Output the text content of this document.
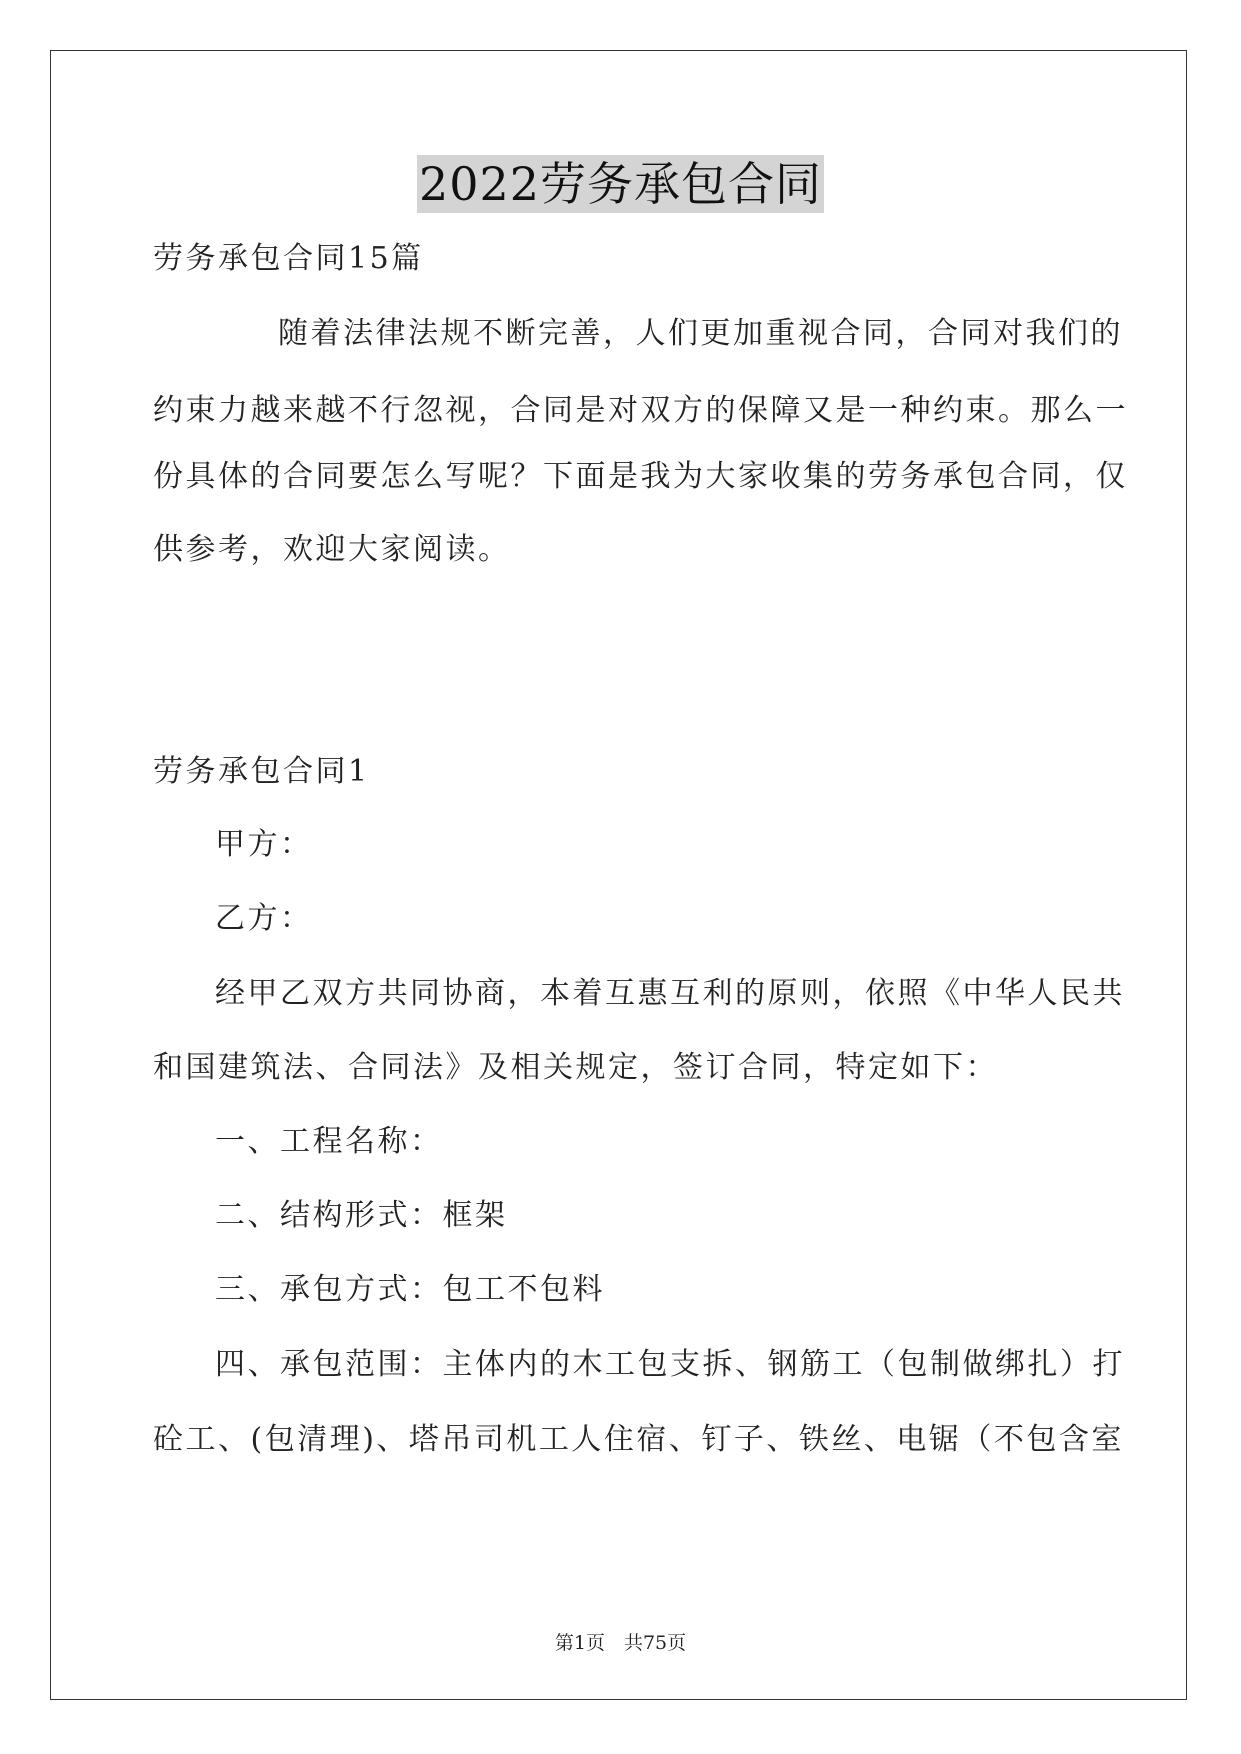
2022劳务承包合同
劳务承包合同15篇
随着法律法规不断完善，人们更加重视合同，合同对我们的
约束力越来越不行忽视，合同是对双方的保障又是一种约束。那么一
份具体的合同要怎么写呢？下面是我为大家收集的劳务承包合同，仅
供参考，欢迎大家阅读。
劳务承包合同1
甲方：
乙方：
经甲乙双方共同协商，本着互惠互利的原则，依照《中华人民共
和国建筑法、合同法》及相关规定，签订合同，特定如下：
一、工程名称：
二、结构形式：框架
三、承包方式：包工不包料
四、承包范围：主体内的木工包支拆、钢筋工（包制做绑扎）打
砼工、(包清理)、塔吊司机工人住宿、钉子、铁丝、电锯（不包含室
第1页　共75页
